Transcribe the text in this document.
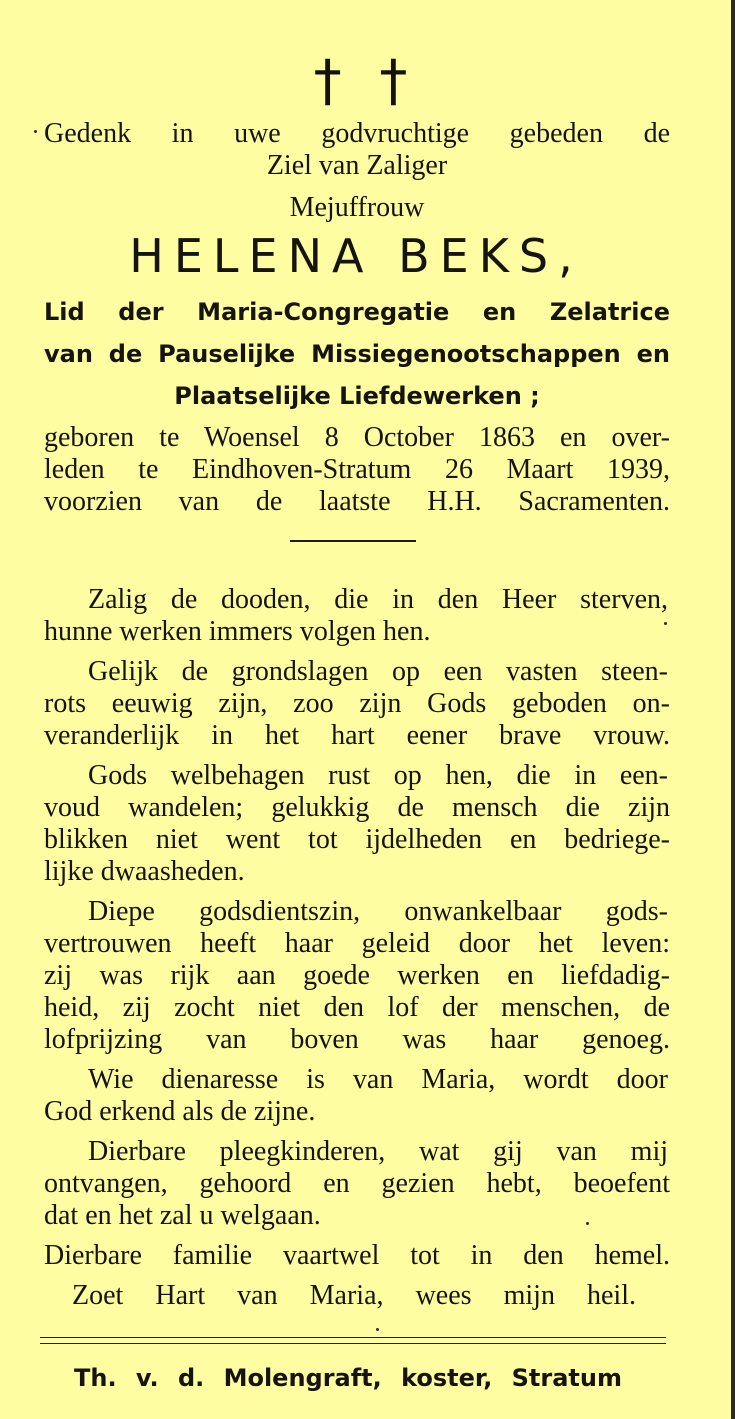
† †
Gedenk in uwe godvruchtige gebeden de
Ziel van Zaliger
Mejuffrouw
HELENA BEKS,
Lid der Maria-Congregatie en Zelatrice
van de Pauselijke Missiegenootschappen en
Plaatselijke Liefdewerken ;
geboren te Woensel 8 October 1863 en over-
leden te Eindhoven-Stratum 26 Maart 1939,
voorzien van de laatste H.H. Sacramenten.
Zalig de dooden, die in den Heer sterven,
hunne werken immers volgen hen.
Gelijk de grondslagen op een vasten steen-
rots eeuwig zijn, zoo zijn Gods geboden on-
veranderlijk in het hart eener brave vrouw.
Gods welbehagen rust op hen, die in een-
voud wandelen; gelukkig de mensch die zijn
blikken niet went tot ijdelheden en bedriege-
lijke dwaasheden.
Diepe godsdientszin, onwankelbaar gods-
vertrouwen heeft haar geleid door het leven:
zij was rijk aan goede werken en liefdadig-
heid, zij zocht niet den lof der menschen, de
lofprijzing van boven was haar genoeg.
Wie dienaresse is van Maria, wordt door
God erkend als de zijne.
Dierbare pleegkinderen, wat gij van mij
ontvangen, gehoord en gezien hebt, beoefent
dat en het zal u welgaan.
Dierbare familie vaartwel tot in den hemel.
Zoet Hart van Maria, wees mijn heil.
Th. v. d. Molengraft, koster, Stratum
